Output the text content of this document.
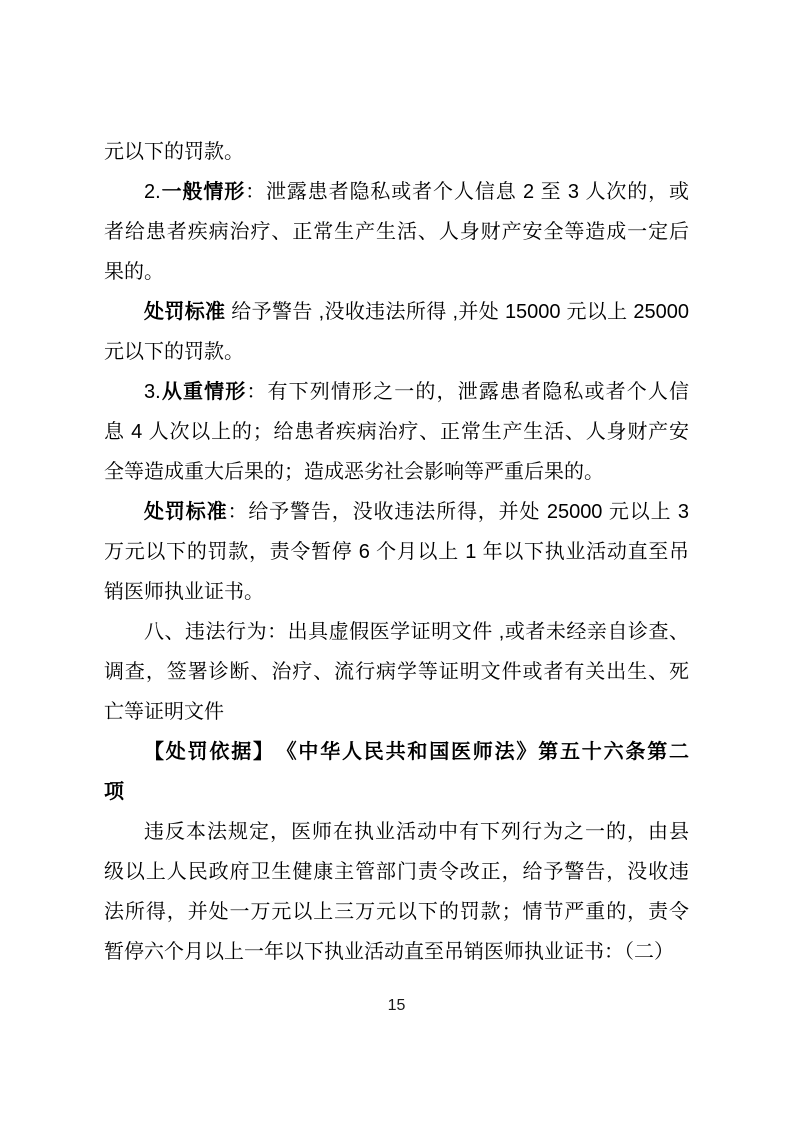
元以下的罚款。
2.一般情形：泄露患者隐私或者个人信息 2 至 3 人次的，或
者给患者疾病治疗、正常生产生活、人身财产安全等造成一定后
果的。
处罚标准 给予警告 ,没收违法所得 ,并处 15000 元以上 25000
元以下的罚款。
3.从重情形：有下列情形之一的，泄露患者隐私或者个人信
息 4 人次以上的；给患者疾病治疗、正常生产生活、人身财产安
全等造成重大后果的；造成恶劣社会影响等严重后果的。
处罚标准：给予警告，没收违法所得，并处 25000 元以上 3
万元以下的罚款，责令暂停 6 个月以上 1 年以下执业活动直至吊
销医师执业证书。
八、违法行为：出具虚假医学证明文件 ,或者未经亲自诊查、
调查，签署诊断、治疗、流行病学等证明文件或者有关出生、死
亡等证明文件
【处罚依据】　《中华人民共和国医师法》第五十六条第二
项
违反本法规定，医师在执业活动中有下列行为之一的，由县
级以上人民政府卫生健康主管部门责令改正，给予警告，没收违
法所得，并处一万元以上三万元以下的罚款；情节严重的，责令
暂停六个月以上一年以下执业活动直至吊销医师执业证书：（二）
15
